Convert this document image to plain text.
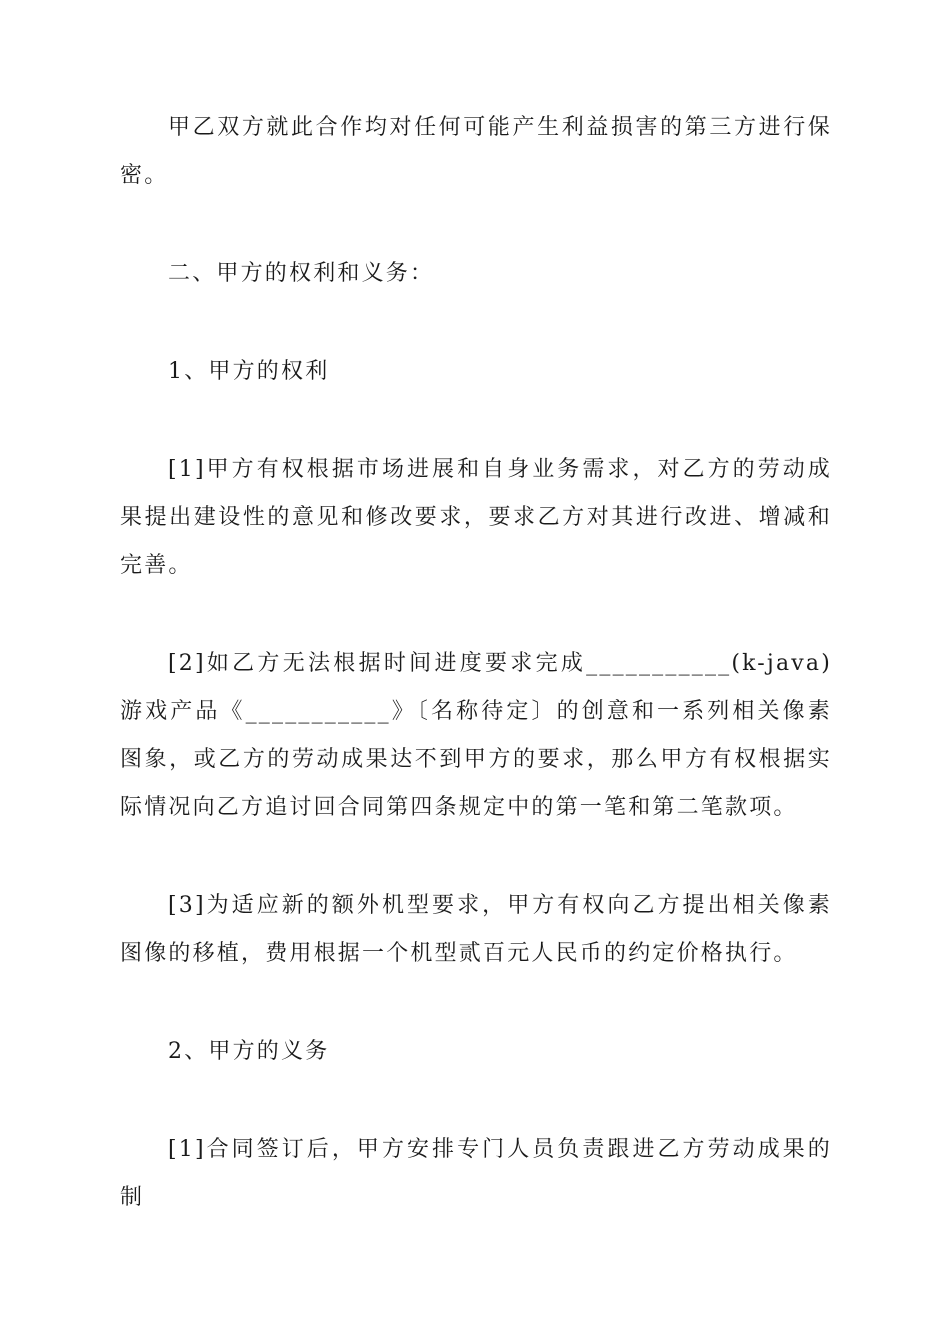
甲乙双方就此合作均对任何可能产生利益损害的第三方进行保密。

二、甲方的权利和义务：

1、甲方的权利

[1]甲方有权根据市场进展和自身业务需求，对乙方的劳动成果提出建设性的意见和修改要求，要求乙方对其进行改进、增减和完善。

[2]如乙方无法根据时间进度要求完成___________(k-java)游戏产品《___________》〔名称待定〕的创意和一系列相关像素图象，或乙方的劳动成果达不到甲方的要求，那么甲方有权根据实际情况向乙方追讨回合同第四条规定中的第一笔和第二笔款项。

[3]为适应新的额外机型要求，甲方有权向乙方提出相关像素图像的移植，费用根据一个机型贰百元人民币的约定价格执行。

2、甲方的义务

[1]合同签订后，甲方安排专门人员负责跟进乙方劳动成果的制
